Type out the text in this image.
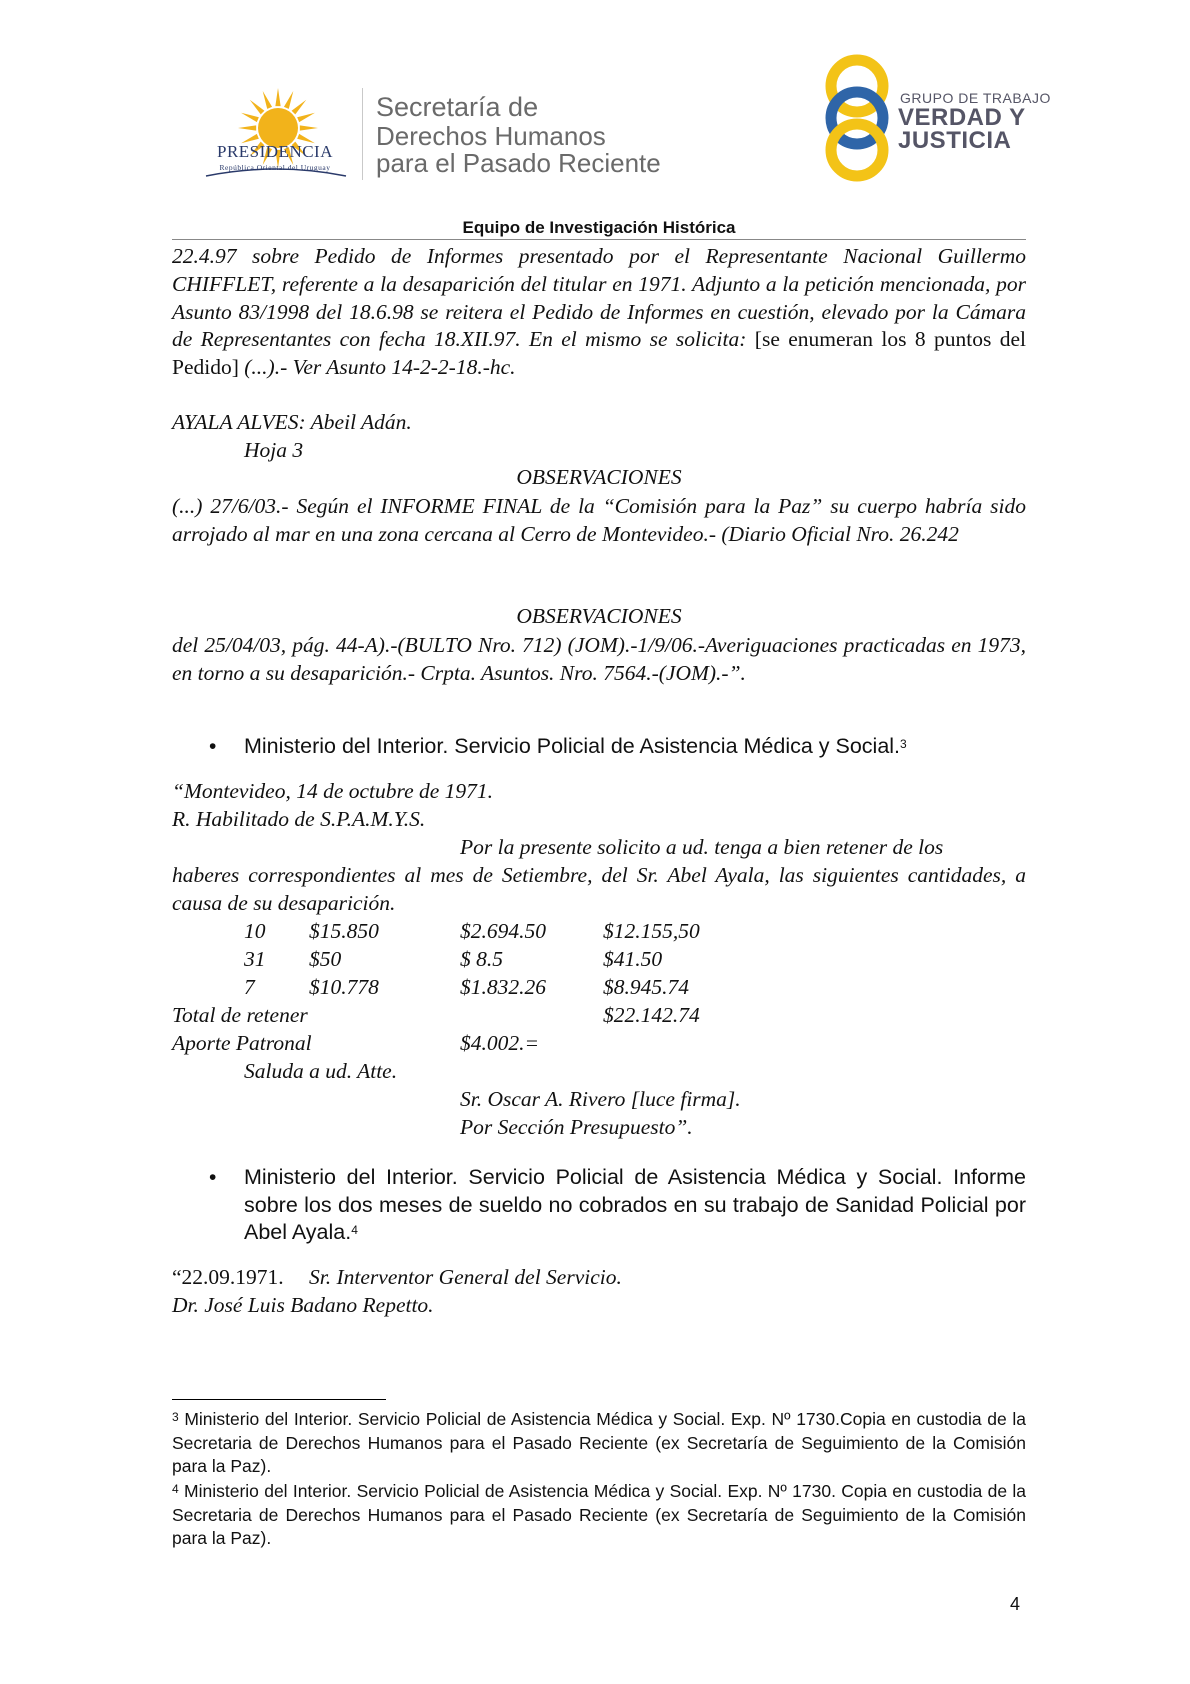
PRESIDENCIA
República Oriental del Uruguay
Secretaría de
Derechos Humanos
para el Pasado Reciente
GRUPO DE TRABAJO
VERDAD Y
JUSTICIA
Equipo de Investigación Histórica
22.4.97 sobre Pedido de Informes presentado por el Representante Nacional Guillermo CHIFFLET, referente a la desaparición del titular en 1971. Adjunto a la petición mencionada, por Asunto 83/1998 del 18.6.98 se reitera el Pedido de Informes en cuestión, elevado por la Cámara de Representantes con fecha 18.XII.97. En el mismo se solicita: [se enumeran los 8 puntos del Pedido] (...).- Ver Asunto 14-2-2-18.-hc.
AYALA ALVES: Abeil Adán.
Hoja 3
OBSERVACIONES
(...) 27/6/03.- Según el INFORME FINAL de la “Comisión para la Paz” su cuerpo habría sido arrojado al mar en una zona cercana al Cerro de Montevideo.- (Diario Oficial Nro. 26.242
OBSERVACIONES
del 25/04/03, pág. 44-A).-(BULTO Nro. 712) (JOM).-1/9/06.-Averiguaciones practicadas en 1973, en torno a su desaparición.- Crpta. Asuntos. Nro. 7564.-(JOM).-”.
• Ministerio del Interior. Servicio Policial de Asistencia Médica y Social.$^3$
“Montevideo, 14 de octubre de 1971.
R. Habilitado de S.P.A.M.Y.S.
Por la presente solicito a ud. tenga a bien retener de los
haberes correspondientes al mes de Setiembre, del Sr. Abel Ayala, las siguientes cantidades, a causa de su desaparición.
10 $15.850	$2.694.50	$12.155,50
31 $50	$ 8.5	$41.50
7	$10.778	$1.832.26	$8.945.74
Total de retener	$22.142.74
Aporte Patronal	$4.002.=
Saluda a ud. Atte.
Sr. Oscar A. Rivero [luce firma].
Por Sección Presupuesto”.
• Ministerio del Interior. Servicio Policial de Asistencia Médica y Social. Informe sobre los dos meses de sueldo no cobrados en su trabajo de Sanidad Policial por Abel Ayala.$^4$
“22.09.1971. Sr. Interventor General del Servicio.
Dr. José Luis Badano Repetto.
$^3$ Ministerio del Interior. Servicio Policial de Asistencia Médica y Social. Exp. Nº 1730.Copia en custodia de la Secretaria de Derechos Humanos para el Pasado Reciente (ex Secretaría de Seguimiento de la Comisión para la Paz).
$^4$ Ministerio del Interior. Servicio Policial de Asistencia Médica y Social. Exp. Nº 1730. Copia en custodia de la Secretaria de Derechos Humanos para el Pasado Reciente (ex Secretaría de Seguimiento de la Comisión para la Paz).
4
